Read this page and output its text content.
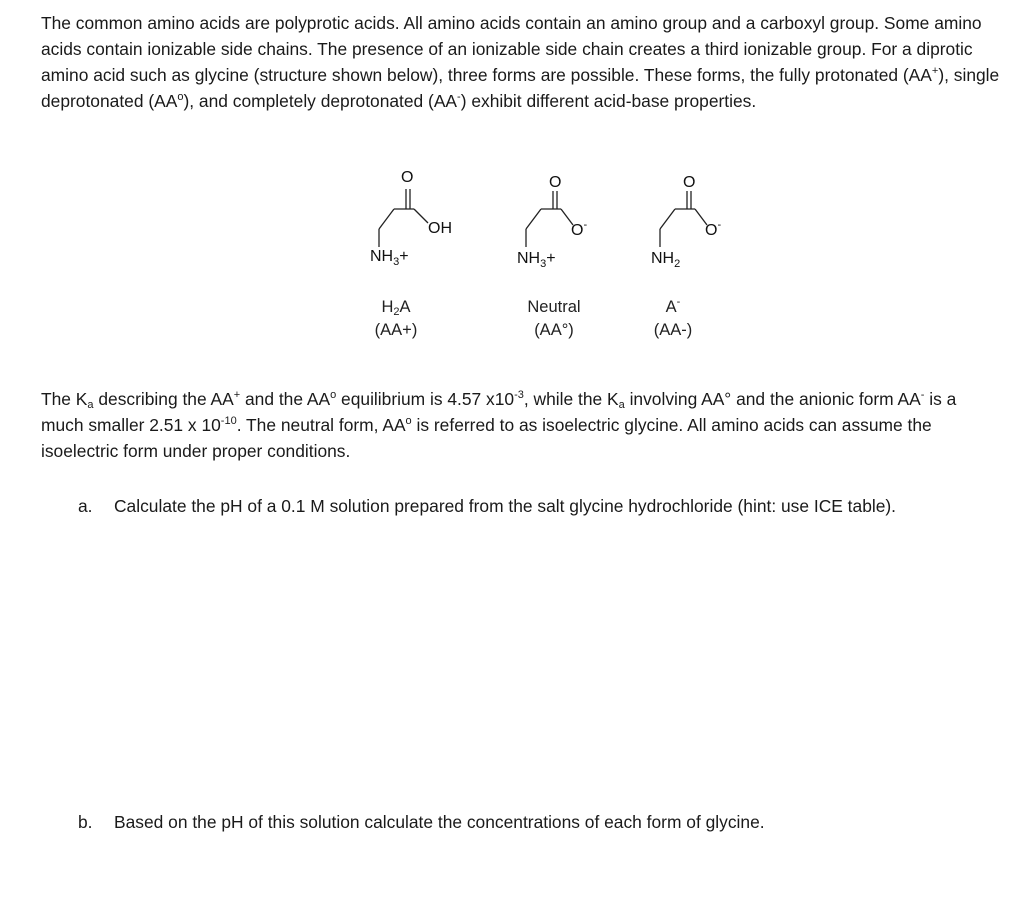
The common amino acids are polyprotic acids. All amino acids contain an amino group and a carboxyl group. Some amino acids contain ionizable side chains. The presence of an ionizable side chain creates a third ionizable group. For a diprotic amino acid such as glycine (structure shown below), three forms are possible. These forms, the fully protonated (AA+), single deprotonated $(AA^o)$, and completely deprotonated (AA-) exhibit different acid-base properties.

O
OH
$NH_3+$
$H_2A$
(AA+)
O
O-
$NH_3+$
Neutral
(AA°)
O
O-
$NH_2$
A-
(AA-)

The $K_a$ describing the AA+ and the $AA^o$ equilibrium is 4.57 $x10^{-3}$, while the $K_a$ involving AA° and the anionic form AA- is a much smaller 2.51 x $10^{-10}$. The neutral form, $AA^o$ is referred to as isoelectric glycine. All amino acids can assume the isoelectric form under proper conditions.

a.	Calculate the pH of a 0.1 M solution prepared from the salt glycine hydrochloride (hint: use ICE table).
b.	Based on the pH of this solution calculate the concentrations of each form of glycine.
